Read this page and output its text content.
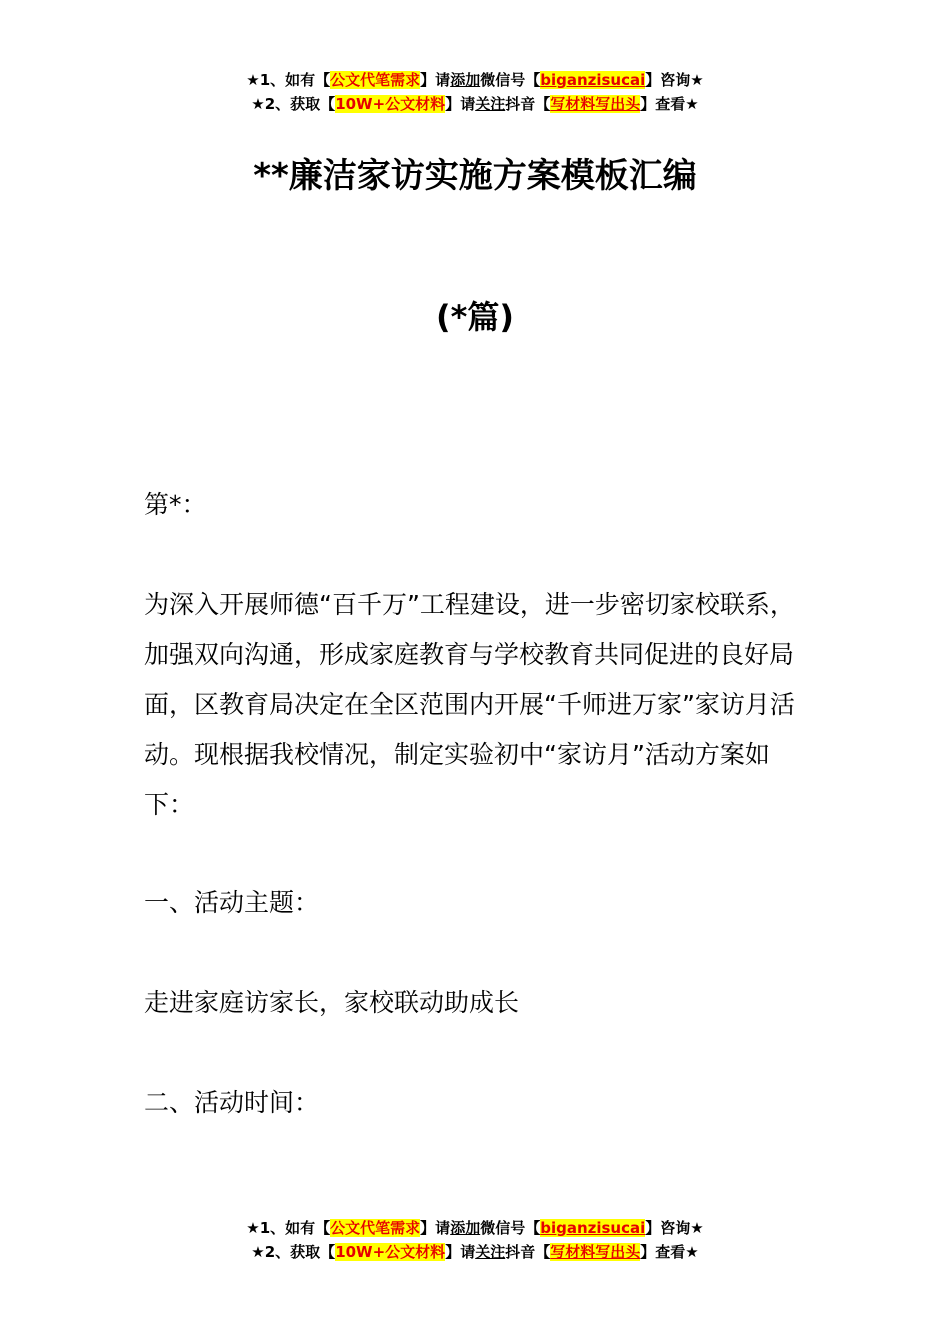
★1、如有【公文代笔需求】请添加微信号【biganzisucai】咨询★
★2、获取【10W+公文材料】请关注抖音【写材料写出头】查看★
**廉洁家访实施方案模板汇编
(*篇)
第*：
为深入开展师德“百千万”工程建设，进一步密切家校联系，加强双向沟通，形成家庭教育与学校教育共同促进的良好局面，区教育局决定在全区范围内开展“千师进万家”家访月活动。现根据我校情况，制定实验初中“家访月”活动方案如下：
一、活动主题：
走进家庭访家长，家校联动助成长
二、活动时间：
★1、如有【公文代笔需求】请添加微信号【biganzisucai】咨询★
★2、获取【10W+公文材料】请关注抖音【写材料写出头】查看★
